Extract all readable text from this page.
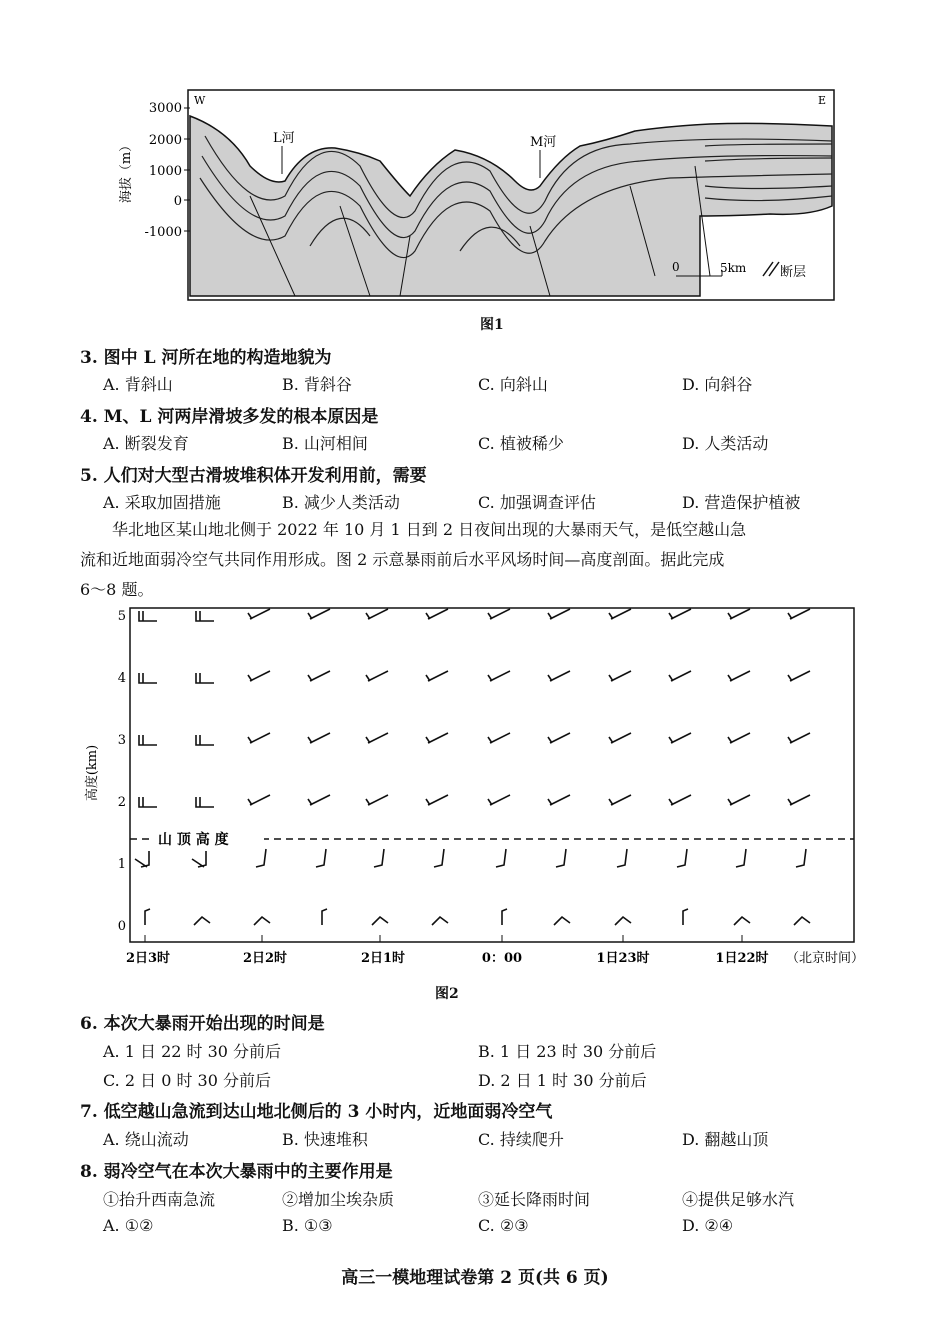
3000
2000
1000
0
-1000
海拔（m）
W	E
L河	M河
0	5km	断层
图1
3. 图中 L 河所在地的构造地貌为
A. 背斜山	B. 背斜谷	C. 向斜山	D. 向斜谷
4. M、L 河两岸滑坡多发的根本原因是
A. 断裂发育	B. 山河相间	C. 植被稀少	D. 人类活动
5. 人们对大型古滑坡堆积体开发利用前，需要
A. 采取加固措施	B. 减少人类活动	C. 加强调查评估	D. 营造保护植被
华北地区某山地北侧于 2022 年 10 月 1 日到 2 日夜间出现的大暴雨天气，是低空越山急
流和近地面弱冷空气共同作用形成。图 2 示意暴雨前后水平风场时间—高度剖面。据此完成
6～8 题。
高度(km)
5
4
3
2
1
0
山 顶 高 度
2日3时	2日2时	2日1时	0：00	1日23时	1日22时 （北京时间）
图2
6. 本次大暴雨开始出现的时间是
A. 1 日 22 时 30 分前后	B. 1 日 23 时 30 分前后
C. 2 日 0 时 30 分前后	D. 2 日 1 时 30 分前后
7. 低空越山急流到达山地北侧后的 3 小时内，近地面弱冷空气
A. 绕山流动	B. 快速堆积	C. 持续爬升	D. 翻越山顶
8. 弱冷空气在本次大暴雨中的主要作用是
①抬升西南急流	②增加尘埃杂质	③延长降雨时间	④提供足够水汽
A. ①②	B. ①③	C. ②③	D. ②④
高三一模地理试卷第 2 页(共 6 页)
